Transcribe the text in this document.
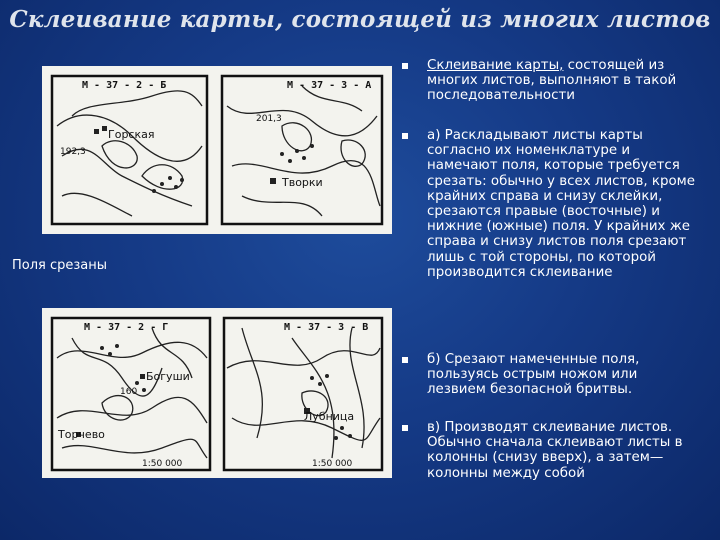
Склеивание карты, состоящей из многих листов
M - 37 - 2 - Б
Горская
192,3
M - 37 - 3 - А
Творки
201,3
Поля срезаны
M - 37 - 2 - Г
Богуши
160
Торчево
1:50 000
M - 37 - 3 - В
Лубница
1:50 000
Склеивание карты, состоящей из многих листов, выполняют в такой последовательности
а) Раскладывают листы карты согласно их номенклатуре и намечают поля, которые требуется срезать: обычно у всех листов, кроме крайних справа и снизу склейки, срезаются правые (восточные) и нижние (южные) поля. У крайних же справа и снизу листов поля срезают лишь с той стороны, по которой производится склеивание
б) Срезают намеченные поля, пользуясь острым ножом или лезвием безопасной бритвы.
в) Производят склеивание листов. Обычно сначала склеивают листы в колонны (снизу вверх), а затем— колонны между собой
